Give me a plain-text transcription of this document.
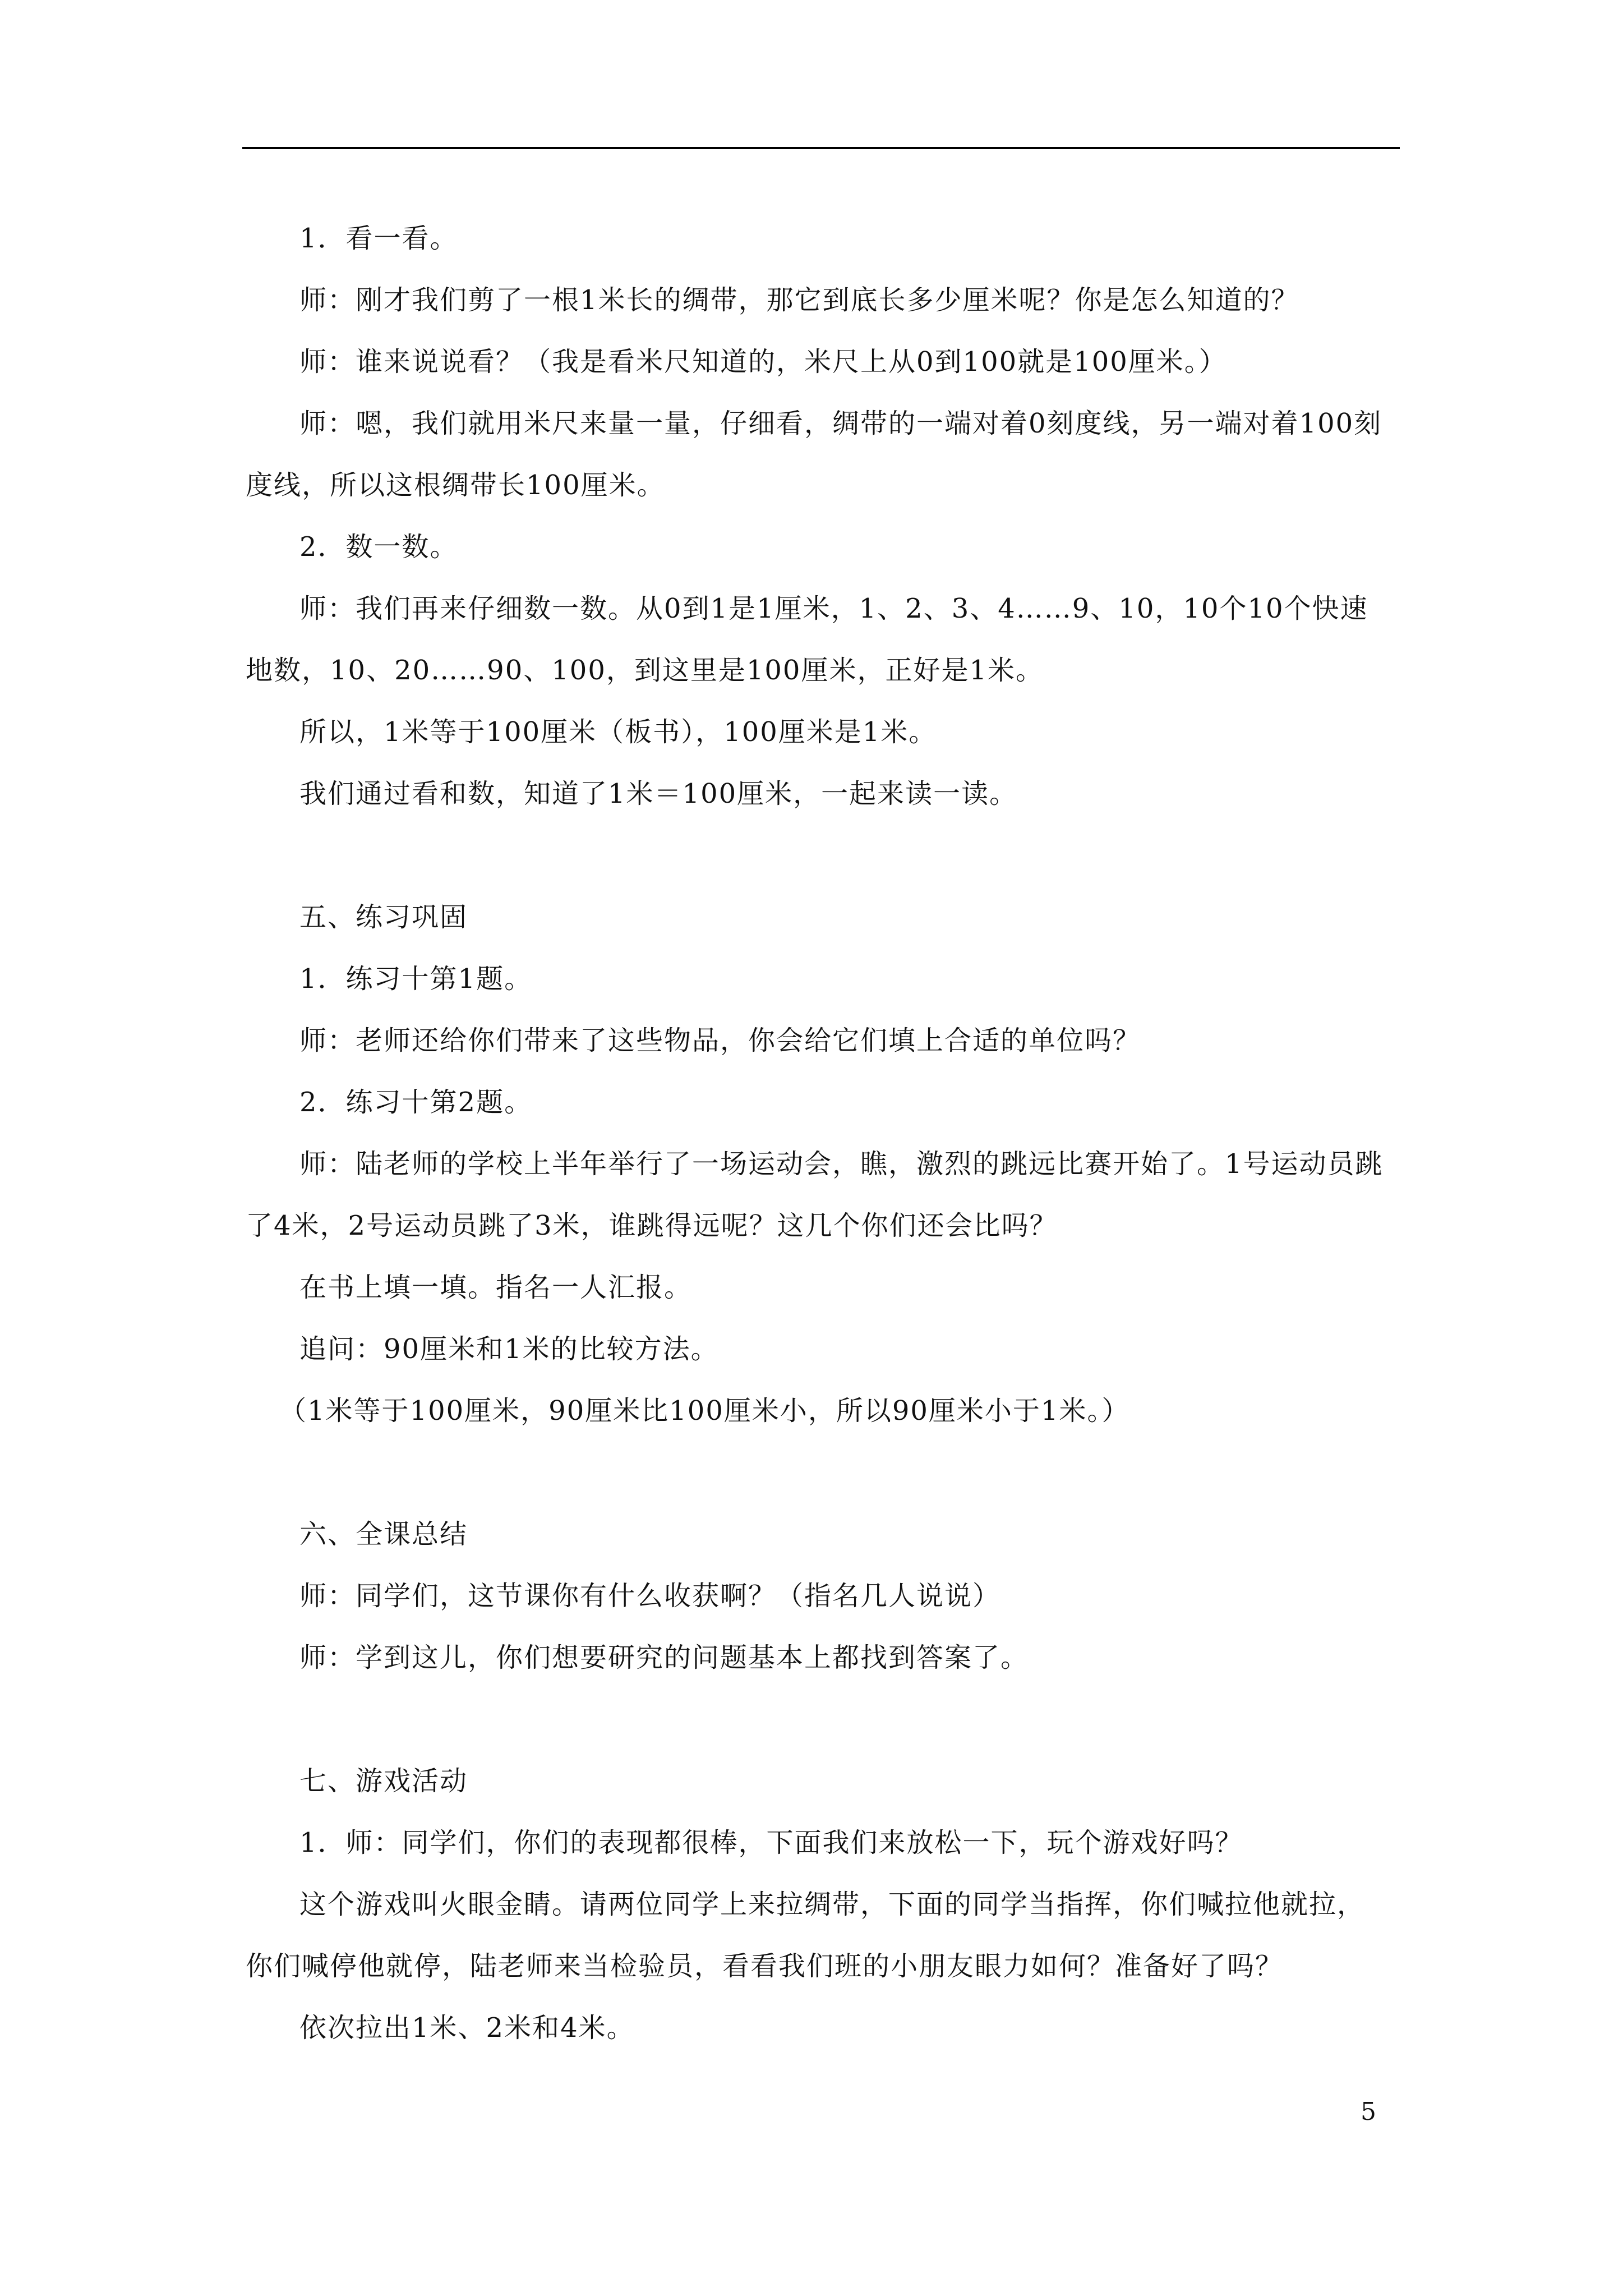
1．看一看。

师：刚才我们剪了一根1米长的绸带，那它到底长多少厘米呢？你是怎么知道的？

师：谁来说说看？（我是看米尺知道的，米尺上从0到100就是100厘米。）

师：嗯，我们就用米尺来量一量，仔细看，绸带的一端对着0刻度线，另一端对着100刻度线，所以这根绸带长100厘米。

2．数一数。

师：我们再来仔细数一数。从0到1是1厘米，1、2、3、4……9、10，10个10个快速地数，10、20……90、100，到这里是100厘米，正好是1米。

所以，1米等于100厘米（板书），100厘米是1米。

我们通过看和数，知道了1米＝100厘米，一起来读一读。

五、练习巩固

1．练习十第1题。

师：老师还给你们带来了这些物品，你会给它们填上合适的单位吗？

2．练习十第2题。

师：陆老师的学校上半年举行了一场运动会，瞧，激烈的跳远比赛开始了。1号运动员跳了4米，2号运动员跳了3米，谁跳得远呢？这几个你们还会比吗？

在书上填一填。指名一人汇报。

追问：90厘米和1米的比较方法。

（1米等于100厘米，90厘米比100厘米小，所以90厘米小于1米。）

六、全课总结

师：同学们，这节课你有什么收获啊？（指名几人说说）

师：学到这儿，你们想要研究的问题基本上都找到答案了。

七、游戏活动

1．师：同学们，你们的表现都很棒，下面我们来放松一下，玩个游戏好吗？

这个游戏叫火眼金睛。请两位同学上来拉绸带，下面的同学当指挥，你们喊拉他就拉，你们喊停他就停，陆老师来当检验员，看看我们班的小朋友眼力如何？准备好了吗？

依次拉出1米、2米和4米。

5
